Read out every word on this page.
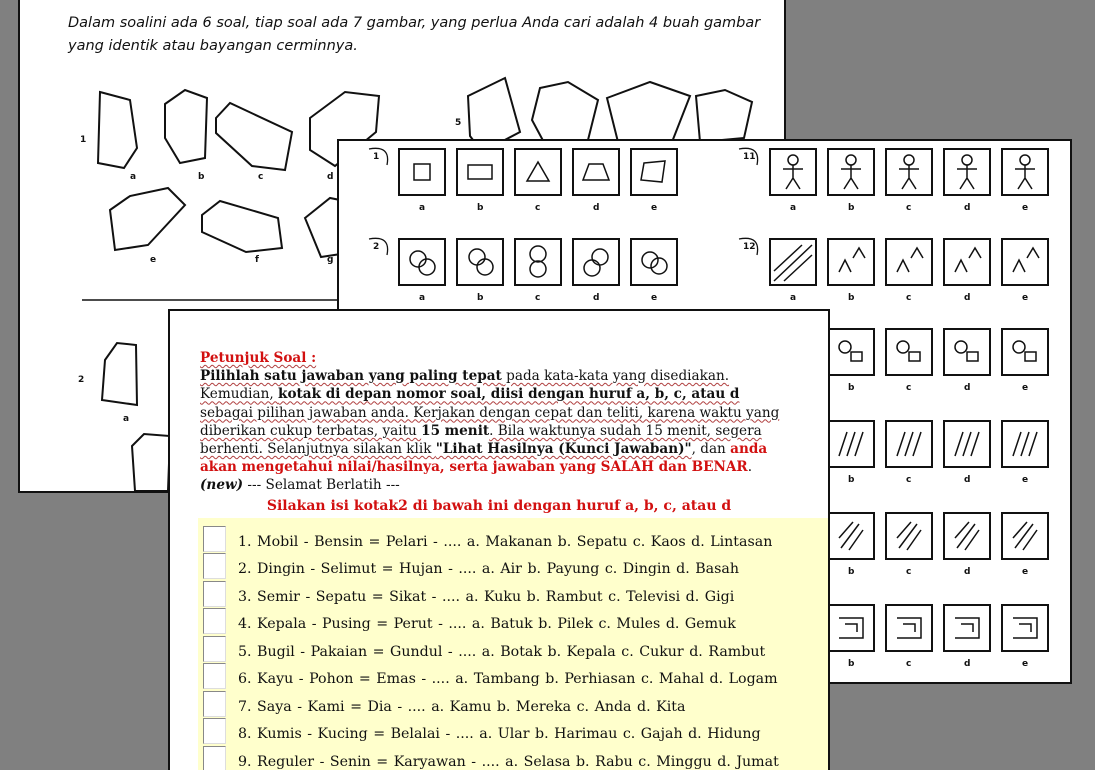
Dalam soalini ada 6 soal, tiap soal ada 7 gambar, yang perlua Anda cari adalah 4 buah gambar yang identik atau bayangan cerminnya.
1
5
2
a	b	c	d
e	f	g
a
a	b	c	d	e
a	b	c	d	e
a	b	c	d	e
a	b	c	d	e
b	c	d	e
b	c	d	e
b	c	d	e
b	c	d	e
1
2
11
12
Petunjuk Soal :
Pilihlah satu jawaban yang paling tepat pada kata-kata yang disediakan. Kemudian, kotak di depan nomor soal, diisi dengan huruf a, b, c, atau d sebagai pilihan jawaban anda. Kerjakan dengan cepat dan teliti, karena waktu yang diberikan cukup terbatas, yaitu 15 menit. Bila waktunya sudah 15 menit, segera berhenti. Selanjutnya silakan klik "Lihat Hasilnya (Kunci Jawaban)", dan anda akan mengetahui nilai/hasilnya, serta jawaban yang SALAH dan BENAR. (new) --- Selamat Berlatih ---
Silakan isi kotak2 di bawah ini dengan huruf a, b, c, atau d
1. Mobil - Bensin = Pelari - .... a. Makanan b. Sepatu c. Kaos d. Lintasan
2. Dingin - Selimut = Hujan - .... a. Air b. Payung c. Dingin d. Basah
3. Semir - Sepatu = Sikat - .... a. Kuku b. Rambut c. Televisi d. Gigi
4. Kepala - Pusing = Perut - .... a. Batuk b. Pilek c. Mules d. Gemuk
5. Bugil - Pakaian = Gundul - .... a. Botak b. Kepala c. Cukur d. Rambut
6. Kayu - Pohon = Emas - .... a. Tambang b. Perhiasan c. Mahal d. Logam
7. Saya - Kami = Dia - .... a. Kamu b. Mereka c. Anda d. Kita
8. Kumis - Kucing = Belalai - .... a. Ular b. Harimau c. Gajah d. Hidung
9. Reguler - Senin = Karyawan - .... a. Selasa b. Rabu c. Minggu d. Jumat
